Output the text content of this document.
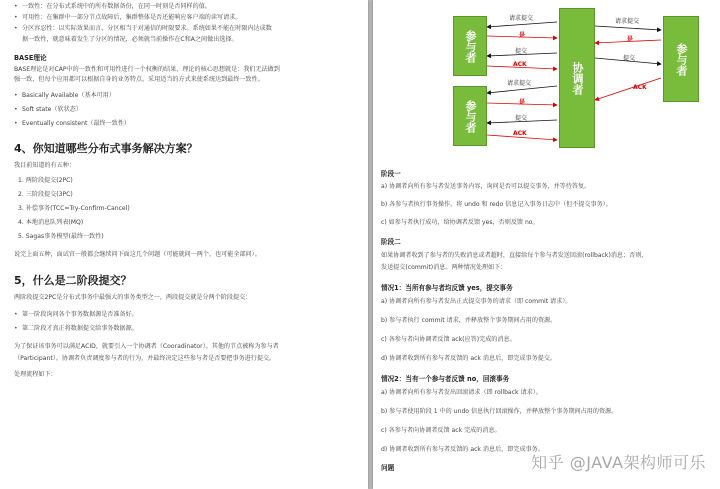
• 一致性：在分布式系统中的所有数据备份，在同一时刻是否同样的值。
• 可用性：在集群中一部分节点故障后，集群整体是否还能响应客户端的读写请求。
• 分区容忍性：以实际效果而言，分区相当于对通信的时限要求。系统如果不能在时限内达成数
据一致性，就意味着发生了分区的情况，必须就当前操作在C和A之间做出选择。
BASE理论
BASE理论是对CAP中的一致性和可用性进行一个权衡的结果，理论的核心思想就是：我们无法做到
强一致，但每个应用都可以根据自身的业务特点，采用适当的方式来使系统达到最终一致性。
• Basically Available（基本可用）
• Soft state（软状态）
• Eventually consistent（最终一致性）
4、你知道哪些分布式事务解决方案？
我目前知道的有五种：
1. 两阶段提交(2PC)
2. 三阶段提交(3PC)
3. 补偿事务(TCC=Try-Confirm-Cancel)
4. 本地消息队列表(MQ)
5. Sagas事务模型(最终一致性)
说完上面五种，面试官一般都会继续问下面这几个问题（可能就问一两个，也可能全部问）。
5，什么是二阶段提交？
两阶段提交2PC是分布式事务中最强大的事务类型之一，两段提交就是分两个阶段提交：
• 第一阶段询问各个事务数据源是否准备好。
• 第二阶段才真正将数据提交给事务数据源。
为了保证该事务可以满足ACID，就要引入一个协调者（Cooradinator）。其他的节点被称为参与者
（Participant）。协调者负责调度参与者的行为，并最终决定这些参与者是否要把事务进行提交。
处理流程如下：
参与者
参与者
协调者
参与者
请求提交
是
提交
ACK
请求提交
是
提交
ACK
请求提交
是
提交
ACK
阶段一
a) 协调者向所有参与者发送事务内容，询问是否可以提交事务，并等待答复。
b) 各参与者执行事务操作，将 undo 和 redo 信息记入事务日志中（但不提交事务）。
c) 如参与者执行成功，给协调者反馈 yes，否则反馈 no。
阶段二
如果协调者收到了参与者的失败消息或者超时，直接给每个参与者发送回滚(rollback)消息；否则，
发送提交(commit)消息。两种情况处理如下：
情况1：当所有参与者均反馈 yes，提交事务
a) 协调者向所有参与者发出正式提交事务的请求（即 commit 请求）。
b) 参与者执行 commit 请求，并释放整个事务期间占用的资源。
c) 各参与者向协调者反馈 ack(应答)完成的消息。
d) 协调者收到所有参与者反馈的 ack 消息后，即完成事务提交。
情况2：当有一个参与者反馈 no，回滚事务
a) 协调者向所有参与者发出回滚请求（即 rollback 请求）。
b) 参与者使用阶段 1 中的 undo 信息执行回滚操作，并释放整个事务期间占用的资源。
c) 各参与者向协调者反馈 ack 完成的消息。
d) 协调者收到所有参与者反馈的 ack 消息后，即完成事务。
问题	知乎 @JAVA架构师可乐
